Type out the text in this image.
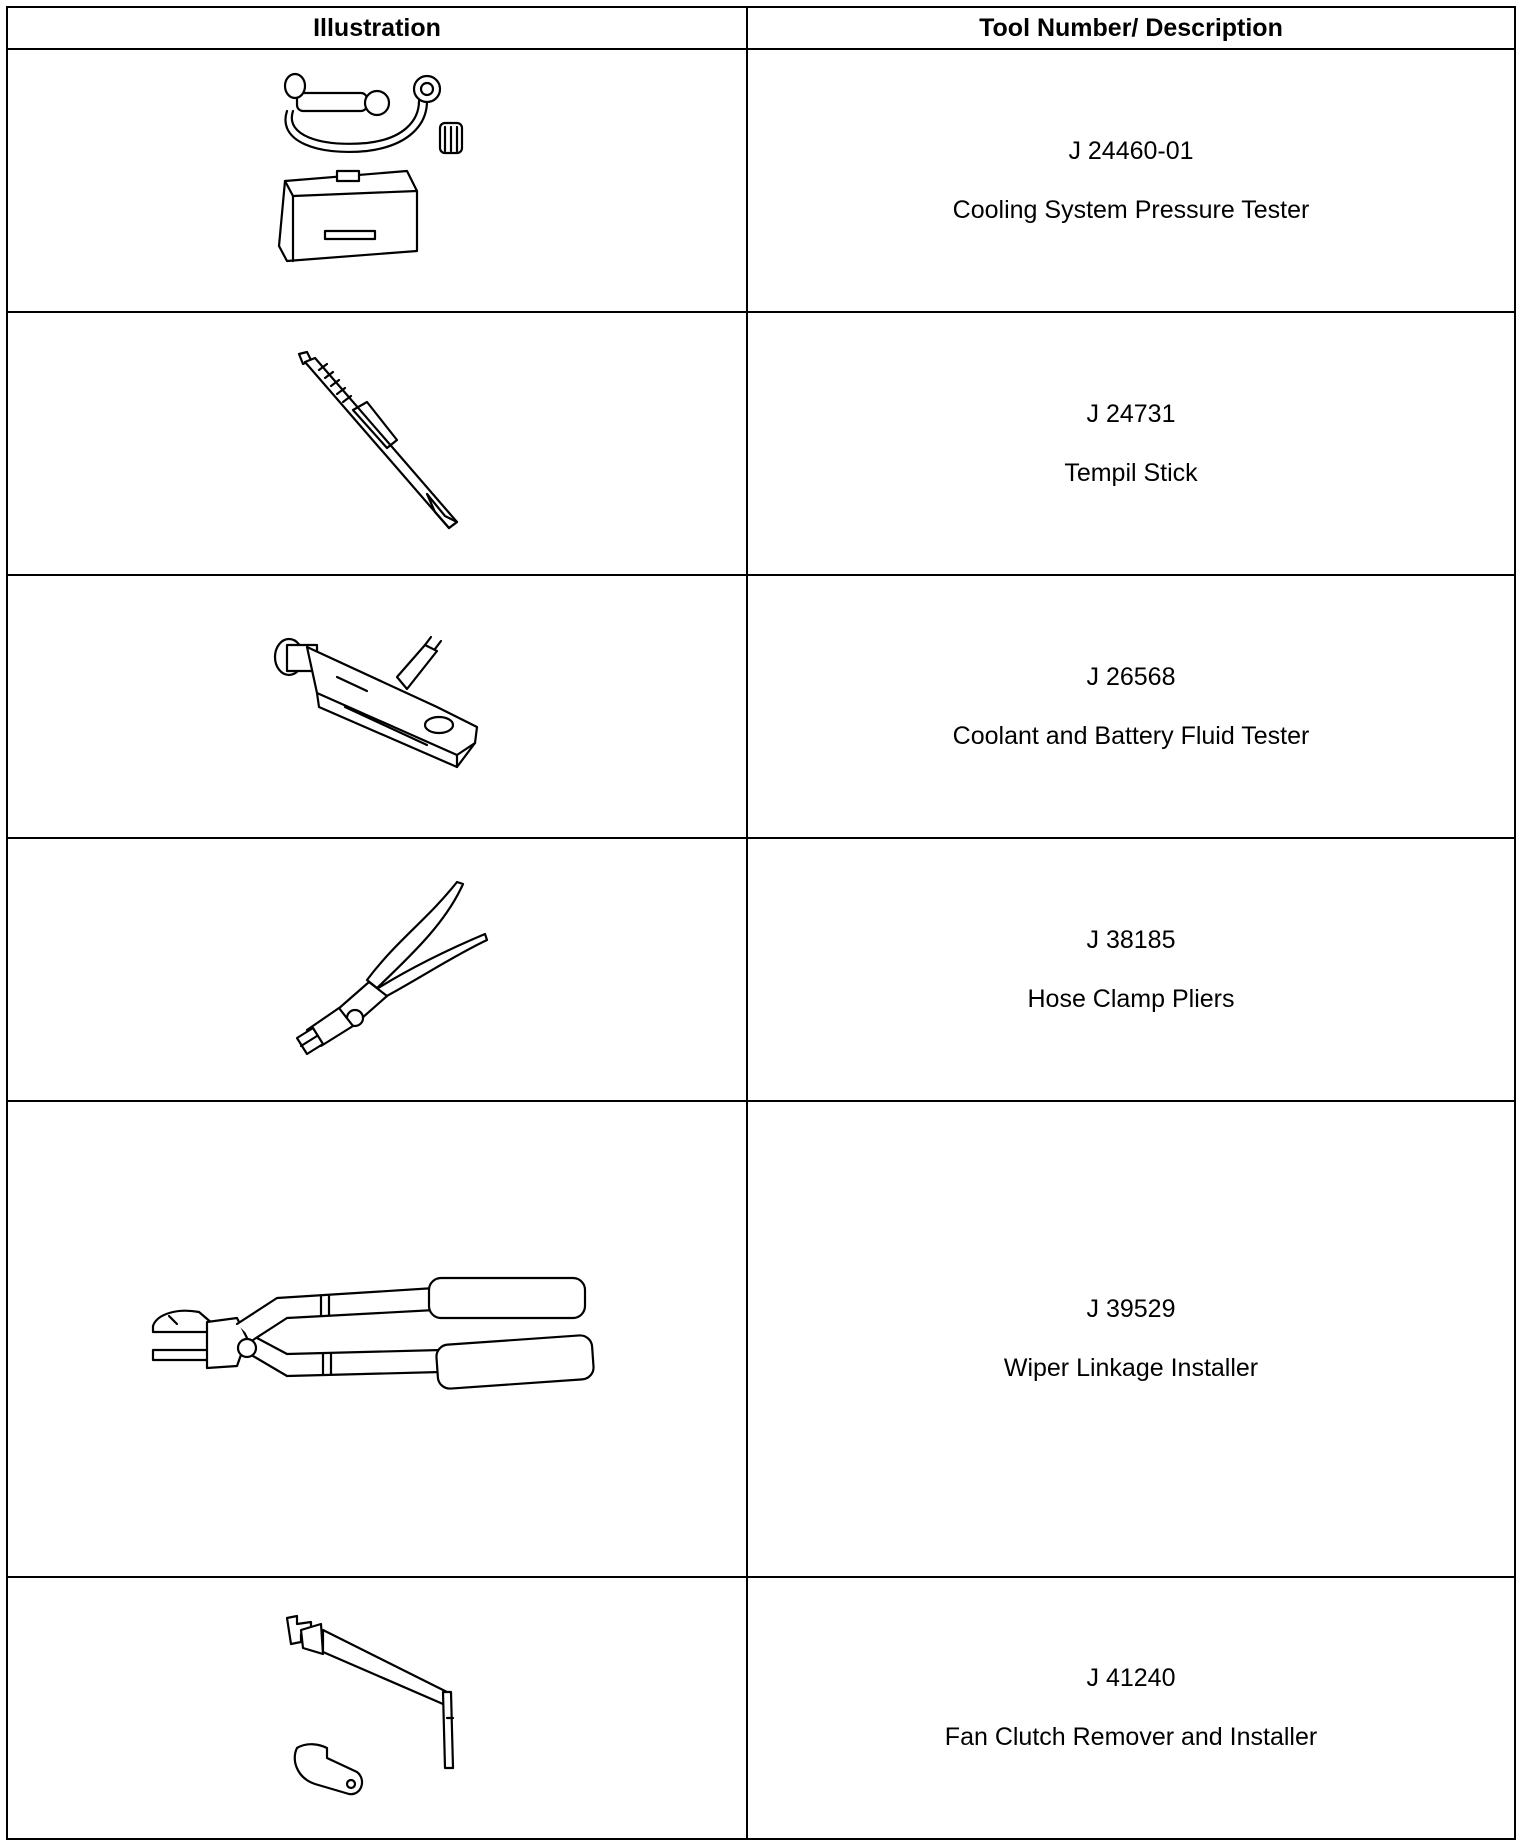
Illustration	Tool Number/ Description

J 24460-01
Cooling System Pressure Tester

J 24731
Tempil Stick

J 26568
Coolant and Battery Fluid Tester

J 38185
Hose Clamp Pliers

J 39529
Wiper Linkage Installer

J 41240
Fan Clutch Remover and Installer
